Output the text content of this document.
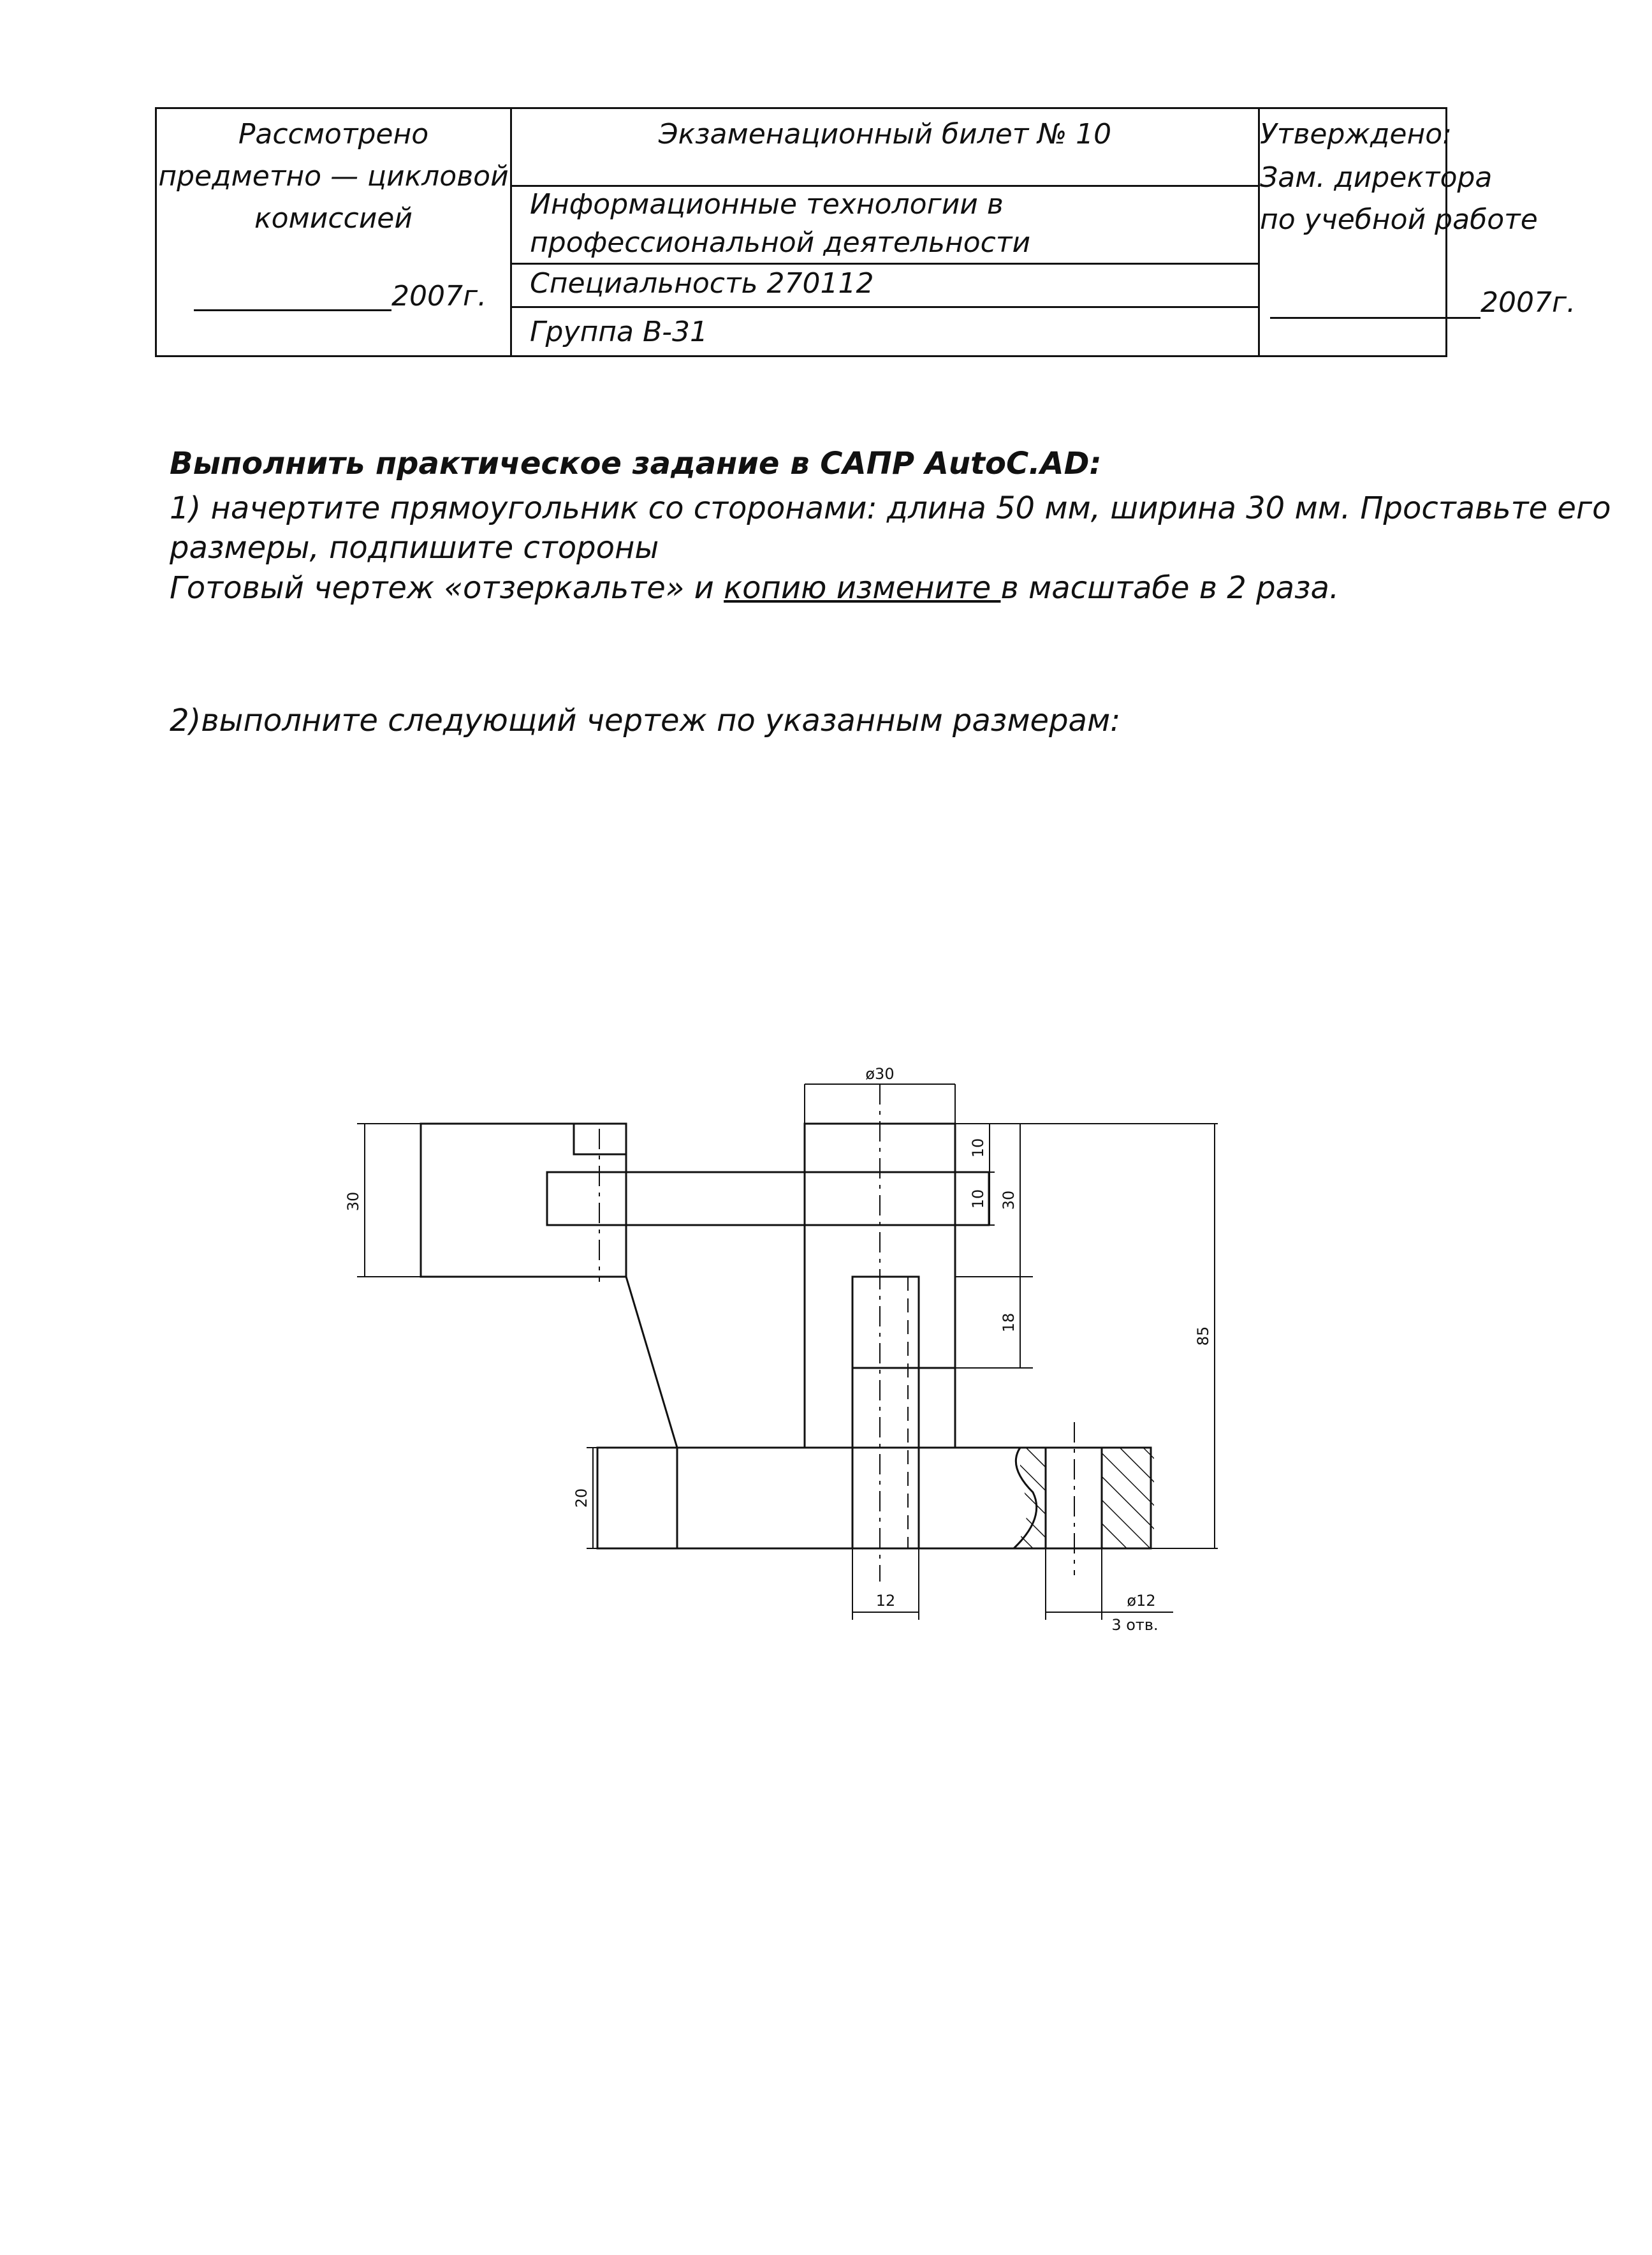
Рассмотрено
предметно — цикловой
комиссией
2007г.
Экзаменационный билет № 10
Информационные технологии в
профессиональной деятельности
Специальность 270112
Группа В-31
Утверждено:
Зам. директора
по учебной работе
2007г.
Выполнить практическое задание в САПР AutoC.AD:
1) начертите прямоугольник со сторонами: длина 50 мм, ширина 30 мм. Проставьте его
размеры, подпишите стороны
Готовый чертеж «отзеркальте» и копию измените в масштабе в 2 раза.
2)выполните следующий чертеж по указанным размерам:
ø30
30
10
10 30
18
85
20
12	ø12
3 отв.
